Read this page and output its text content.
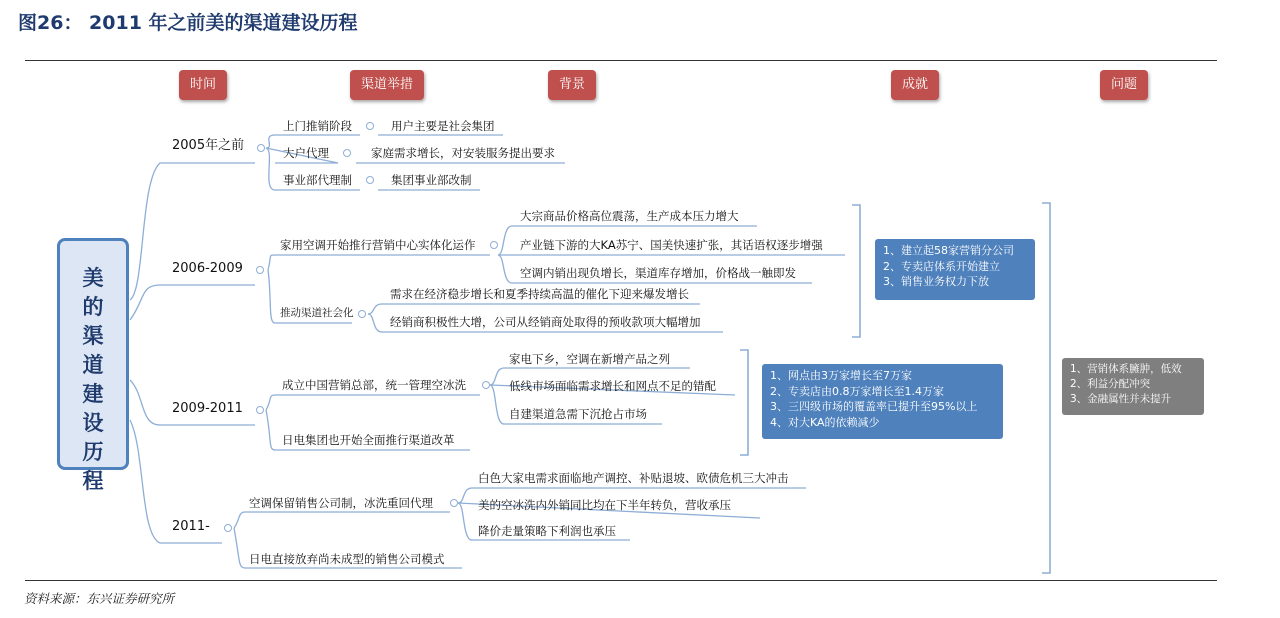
图26： 2011 年之前美的渠道建设历程
时间	渠道举措	背景	成就	问题
美的渠道建设历程
2005年之前
上门推销阶段
大户代理
事业部代理制
用户主要是社会集团
家庭需求增长，对安装服务提出要求
集团事业部改制
2006-2009
家用空调开始推行营销中心实体化运作
推动渠道社会化
大宗商品价格高位震荡，生产成本压力增大
产业链下游的大KA苏宁、国美快速扩张，其话语权逐步增强
空调内销出现负增长，渠道库存增加，价格战一触即发
需求在经济稳步增长和夏季持续高温的催化下迎来爆发增长
经销商积极性大增，公司从经销商处取得的预收款项大幅增加
1、建立起58家营销分公司
2、专卖店体系开始建立
3、销售业务权力下放
2009-2011
成立中国营销总部，统一管理空冰洗
日电集团也开始全面推行渠道改革
家电下乡，空调在新增产品之列
低线市场面临需求增长和网点不足的错配
自建渠道急需下沉抢占市场
1、网点由3万家增长至7万家
2、专卖店由0.8万家增长至1.4万家
3、三四级市场的覆盖率已提升至95%以上
4、对大KA的依赖减少
2011-
空调保留销售公司制，冰洗重回代理
日电直接放弃尚未成型的销售公司模式
白色大家电需求面临地产调控、补贴退坡、欧债危机三大冲击
美的空冰洗内外销同比均在下半年转负，营收承压
降价走量策略下利润也承压
1、营销体系臃肿，低效
2、利益分配冲突
3、金融属性并未提升
资料来源：东兴证券研究所
